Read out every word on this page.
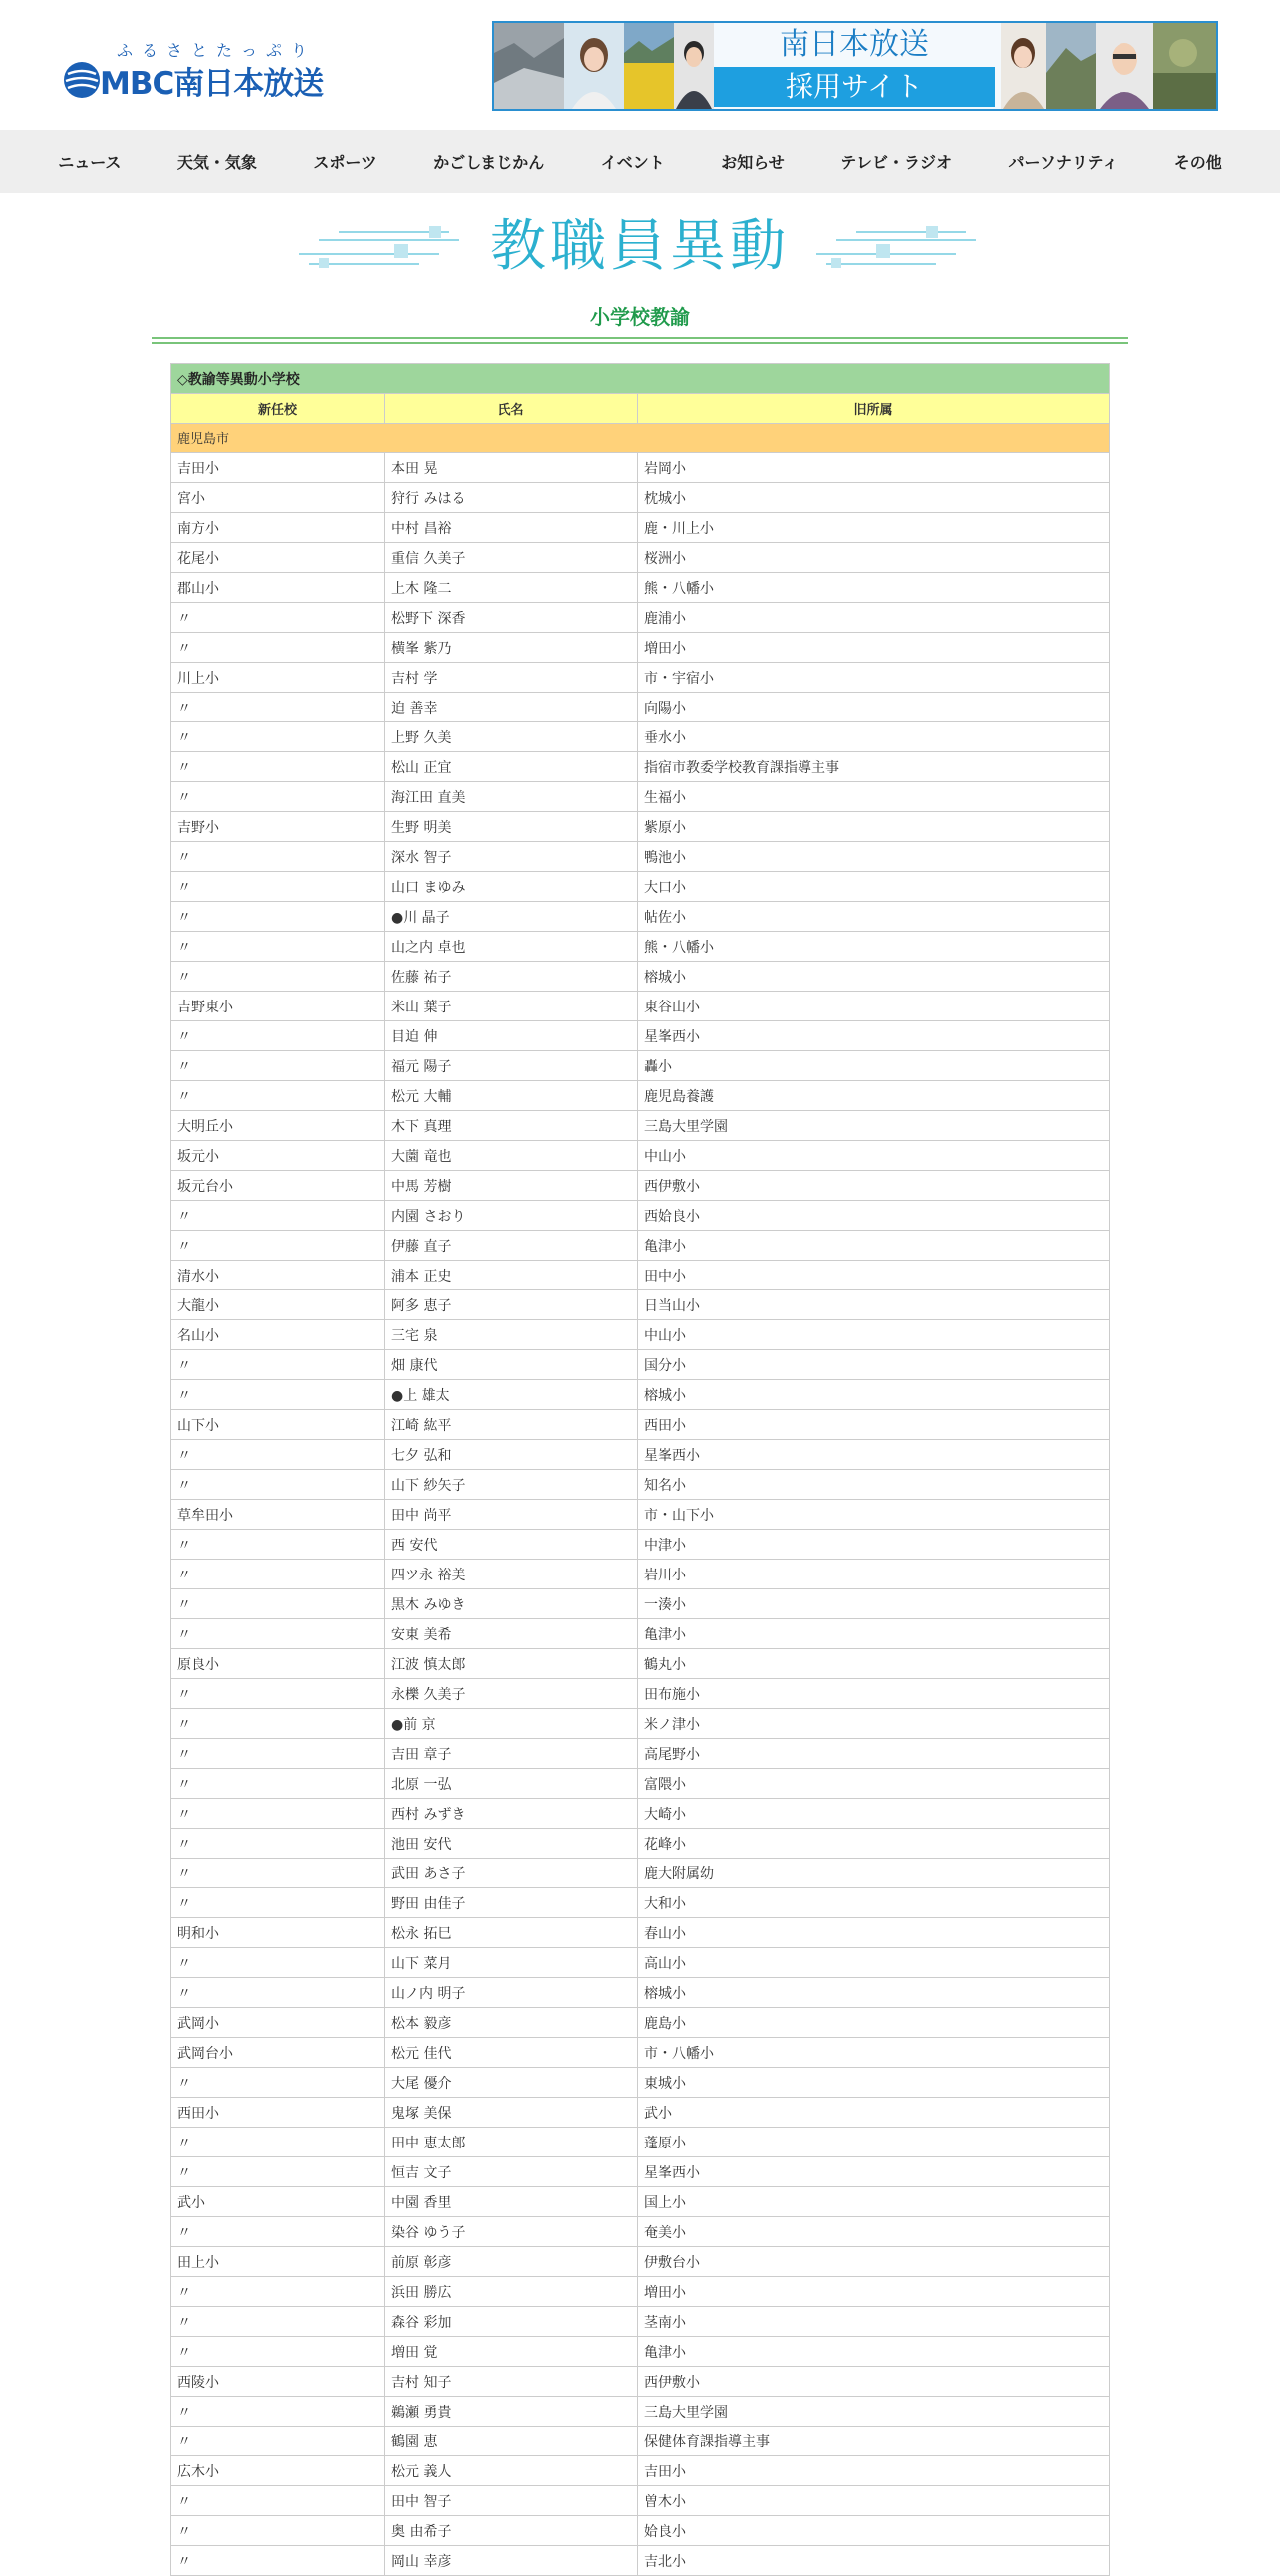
ふるさとたっぷり
MBC南日本放送
南日本放送
採用サイト
ニュース	天気・気象	スポーツ	かごしまじかん	イベント	お知らせ	テレビ・ラジオ	パーソナリティ	その他
教職員異動
小学校教諭
◇教諭等異動小学校		
新任校	氏名	旧所属
鹿児島市		
吉田小	本田 晃	岩岡小
宮小	狩行 みはる	枕城小
南方小	中村 昌裕	鹿・川上小
花尾小	重信 久美子	桜洲小
郡山小	上木 隆二	熊・八幡小
〃	松野下 深香	鹿浦小
〃	横峯 紫乃	増田小
川上小	吉村 学	市・宇宿小
〃	迫 善幸	向陽小
〃	上野 久美	垂水小
〃	松山 正宜	指宿市教委学校教育課指導主事
〃	海江田 直美	生福小
吉野小	生野 明美	紫原小
〃	深水 智子	鴨池小
〃	山口 まゆみ	大口小
〃	●川 晶子	帖佐小
〃	山之内 卓也	熊・八幡小
〃	佐藤 祐子	榕城小
吉野東小	米山 葉子	東谷山小
〃	目迫 伸	星峯西小
〃	福元 陽子	轟小
〃	松元 大輔	鹿児島養護
大明丘小	木下 真理	三島大里学園
坂元小	大薗 竜也	中山小
坂元台小	中馬 芳樹	西伊敷小
〃	内園 さおり	西姶良小
〃	伊藤 直子	亀津小
清水小	浦本 正史	田中小
大龍小	阿多 恵子	日当山小
名山小	三宅 泉	中山小
〃	畑 康代	国分小
〃	●上 雄太	榕城小
山下小	江崎 紘平	西田小
〃	七夕 弘和	星峯西小
〃	山下 紗矢子	知名小
草牟田小	田中 尚平	市・山下小
〃	西 安代	中津小
〃	四ツ永 裕美	岩川小
〃	黒木 みゆき	一湊小
〃	安東 美希	亀津小
原良小	江波 慎太郎	鶴丸小
〃	永櫟 久美子	田布施小
〃	●前 京	米ノ津小
〃	吉田 章子	高尾野小
〃	北原 一弘	富隈小
〃	西村 みずき	大崎小
〃	池田 安代	花峰小
〃	武田 あさ子	鹿大附属幼
〃	野田 由佳子	大和小
明和小	松永 拓巳	春山小
〃	山下 菜月	高山小
〃	山ノ内 明子	榕城小
武岡小	松本 毅彦	鹿島小
武岡台小	松元 佳代	市・八幡小
〃	大尾 優介	東城小
西田小	鬼塚 美保	武小
〃	田中 恵太郎	蓬原小
〃	恒吉 文子	星峯西小
武小	中園 香里	国上小
〃	染谷 ゆう子	奄美小
田上小	前原 彰彦	伊敷台小
〃	浜田 勝広	増田小
〃	森谷 彩加	茎南小
〃	増田 覚	亀津小
西陵小	吉村 知子	西伊敷小
〃	鵜瀬 勇貴	三島大里学園
〃	鶴園 恵	保健体育課指導主事
広木小	松元 義人	吉田小
〃	田中 智子	曽木小
〃	奥 由希子	姶良小
〃	岡山 幸彦	吉北小
